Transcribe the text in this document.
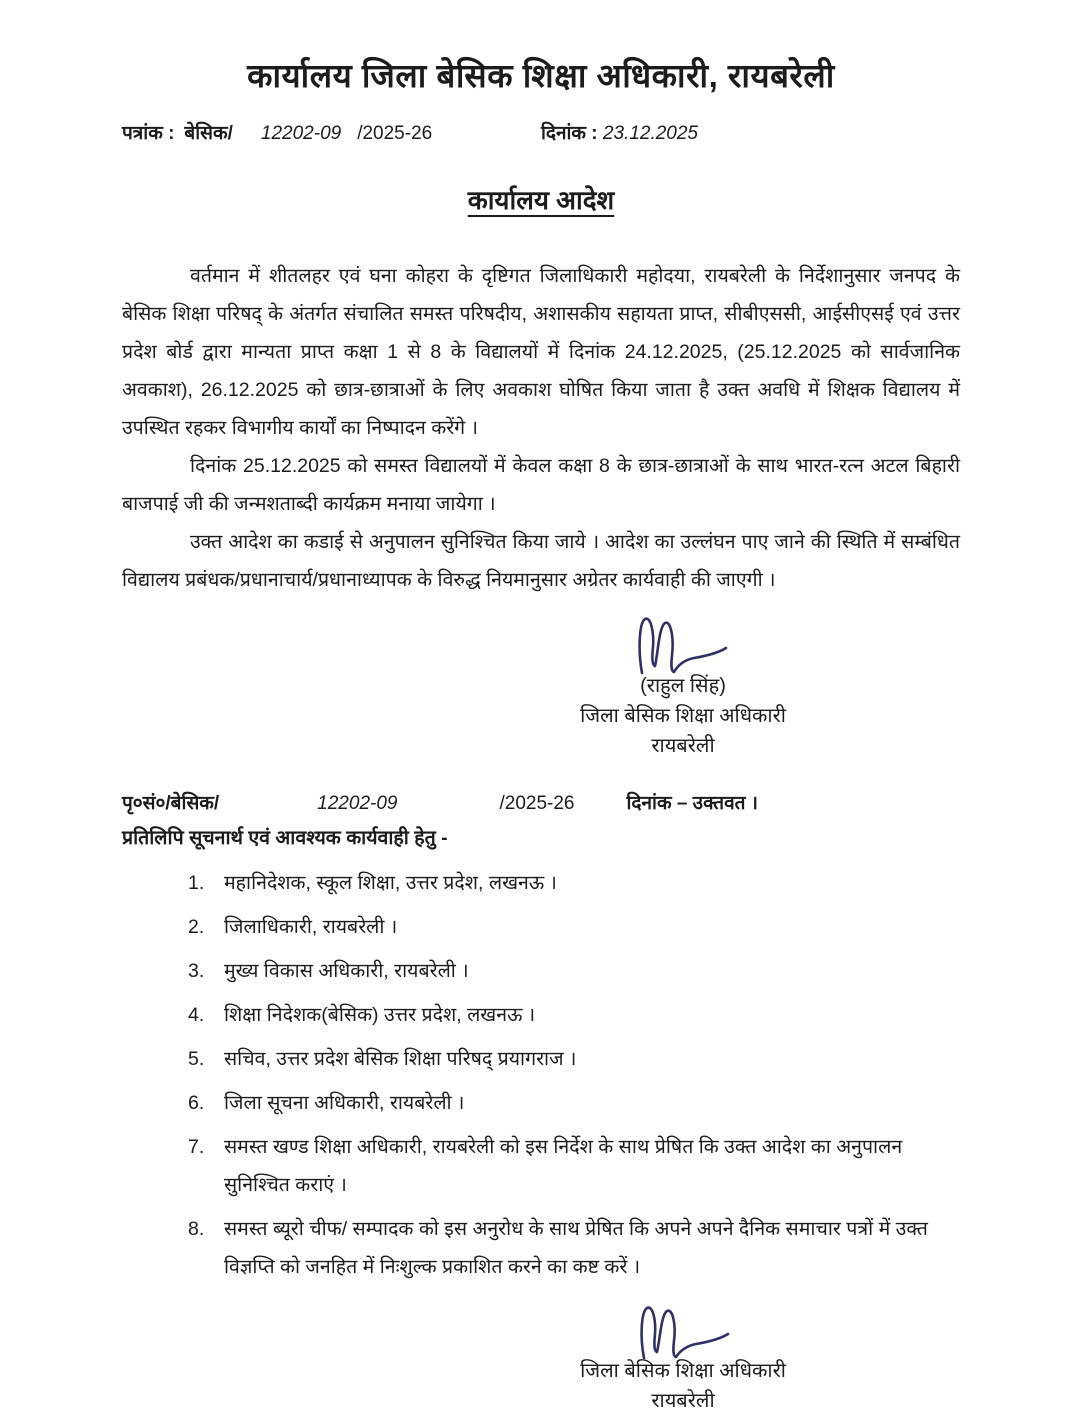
कार्यालय जिला बेसिक शिक्षा अधिकारी, रायबरेली
पत्रांक : बेसिक/ 12202-09 /2025-26	दिनांक : 23.12.2025
कार्यालय आदेश
वर्तमान में शीतलहर एवं घना कोहरा के दृष्टिगत जिलाधिकारी महोदया, रायबरेली के निर्देशानुसार जनपद के बेसिक शिक्षा परिषद् के अंतर्गत संचालित समस्त परिषदीय, अशासकीय सहायता प्राप्त, सीबीएससी, आईसीएसई एवं उत्तर प्रदेश बोर्ड द्वारा मान्यता प्राप्त कक्षा 1 से 8 के विद्यालयों में दिनांक 24.12.2025, (25.12.2025 को सार्वजानिक अवकाश), 26.12.2025 को छात्र-छात्राओं के लिए अवकाश घोषित किया जाता है उक्त अवधि में शिक्षक विद्यालय में उपस्थित रहकर विभागीय कार्यों का निष्पादन करेंगे ।
दिनांक 25.12.2025 को समस्त विद्यालयों में केवल कक्षा 8 के छात्र-छात्राओं के साथ भारत-रत्न अटल बिहारी बाजपाई जी की जन्मशताब्दी कार्यक्रम मनाया जायेगा ।
उक्त आदेश का कडाई से अनुपालन सुनिश्चित किया जाये । आदेश का उल्लंघन पाए जाने की स्थिति में सम्बंधित विद्यालय प्रबंधक/प्रधानाचार्य/प्रधानाध्यापक के विरुद्ध नियमानुसार अग्रेतर कार्यवाही की जाएगी ।
(राहुल सिंह)
जिला बेसिक शिक्षा अधिकारी
रायबरेली
पृ०सं०/बेसिक/	12202-09	/2025-26	दिनांक – उक्तवत ।
प्रतिलिपि सूचनार्थ एवं आवश्यक कार्यवाही हेतु -
1.	महानिदेशक, स्कूल शिक्षा, उत्तर प्रदेश, लखनऊ ।
2.	जिलाधिकारी, रायबरेली ।
3.	मुख्य विकास अधिकारी, रायबरेली ।
4.	शिक्षा निदेशक(बेसिक) उत्तर प्रदेश, लखनऊ ।
5.	सचिव, उत्तर प्रदेश बेसिक शिक्षा परिषद् प्रयागराज ।
6.	जिला सूचना अधिकारी, रायबरेली ।
7.	समस्त खण्ड शिक्षा अधिकारी, रायबरेली को इस निर्देश के साथ प्रेषित कि उक्त आदेश का अनुपालन सुनिश्चित कराएं ।
8.	समस्त ब्यूरो चीफ/ सम्पादक को इस अनुरोध के साथ प्रेषित कि अपने अपने दैनिक समाचार पत्रों में उक्त विज्ञप्ति को जनहित में निःशुल्क प्रकाशित करने का कष्ट करें ।
जिला बेसिक शिक्षा अधिकारी
रायबरेली
